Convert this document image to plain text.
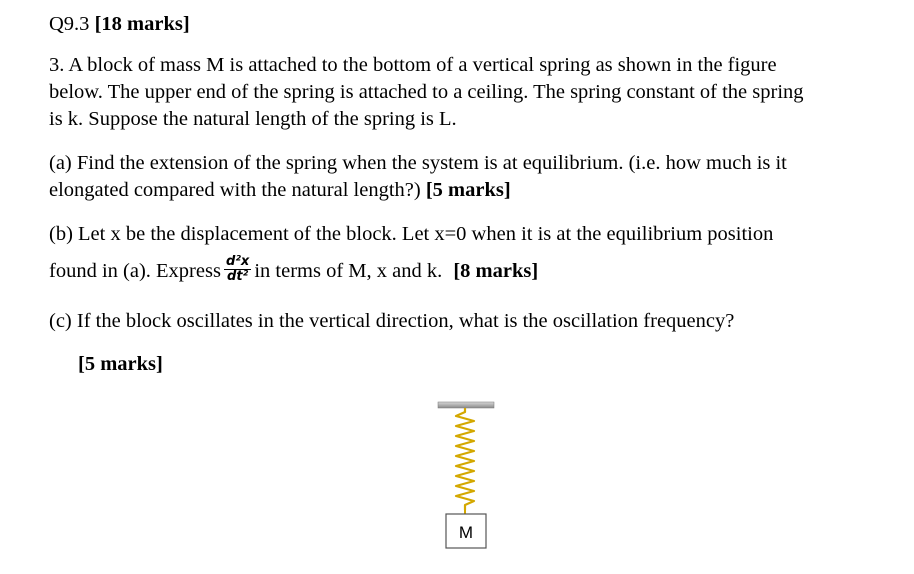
Q9.3 [18 marks]
3. A block of mass M is attached to the bottom of a vertical spring as shown in the figure
below. The upper end of the spring is attached to a ceiling. The spring constant of the spring
is k. Suppose the natural length of the spring is L.
(a) Find the extension of the spring when the system is at equilibrium. (i.e. how much is it
elongated compared with the natural length?) [5 marks]
(b) Let x be the displacement of the block. Let x=0 when it is at the equilibrium position
found in (a). Express $\frac{\text{d²x}}{\text{dt²}}$ in terms of M, x and k. [8 marks]
(c) If the block oscillates in the vertical direction, what is the oscillation frequency?
[5 marks]
M
